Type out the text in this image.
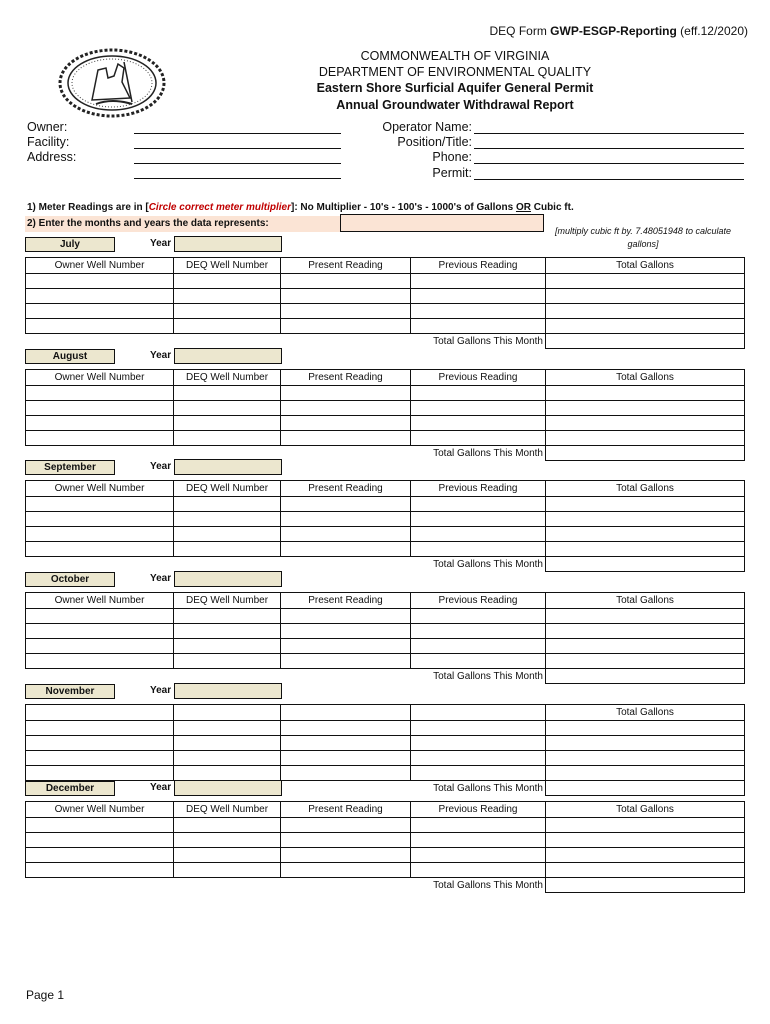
DEQ Form GWP-ESGP-Reporting (eff.12/2020)
COMMONWEALTH OF VIRGINIA
DEPARTMENT OF ENVIRONMENTAL QUALITY
Eastern Shore Surficial Aquifer General Permit
Annual Groundwater Withdrawal Report
Owner:
Facility:
Address:
Operator Name:
Position/Title:
Phone:
Permit:
1) Meter Readings are in [Circle correct meter multiplier]: No Multiplier - 10's - 100's - 1000's of Gallons OR Cubic ft.
2) Enter the months and years the data represents:
[multiply cubic ft by. 7.48051948 to calculate gallons]
July	Year
Owner Well Number	DEQ Well Number	Present Reading	Previous Reading	Total Gallons

Total Gallons This Month				
August	Year
Owner Well Number	DEQ Well Number	Present Reading	Previous Reading	Total Gallons

Total Gallons This Month				
September	Year
Owner Well Number	DEQ Well Number	Present Reading	Previous Reading	Total Gallons

Total Gallons This Month				
October	Year
Owner Well Number	DEQ Well Number	Present Reading	Previous Reading	Total Gallons

Total Gallons This Month				
November	Year
				Total Gallons

Total Gallons This Month				
December	Year
Owner Well Number	DEQ Well Number	Present Reading	Previous Reading	Total Gallons

Total Gallons This Month				
Page 1
